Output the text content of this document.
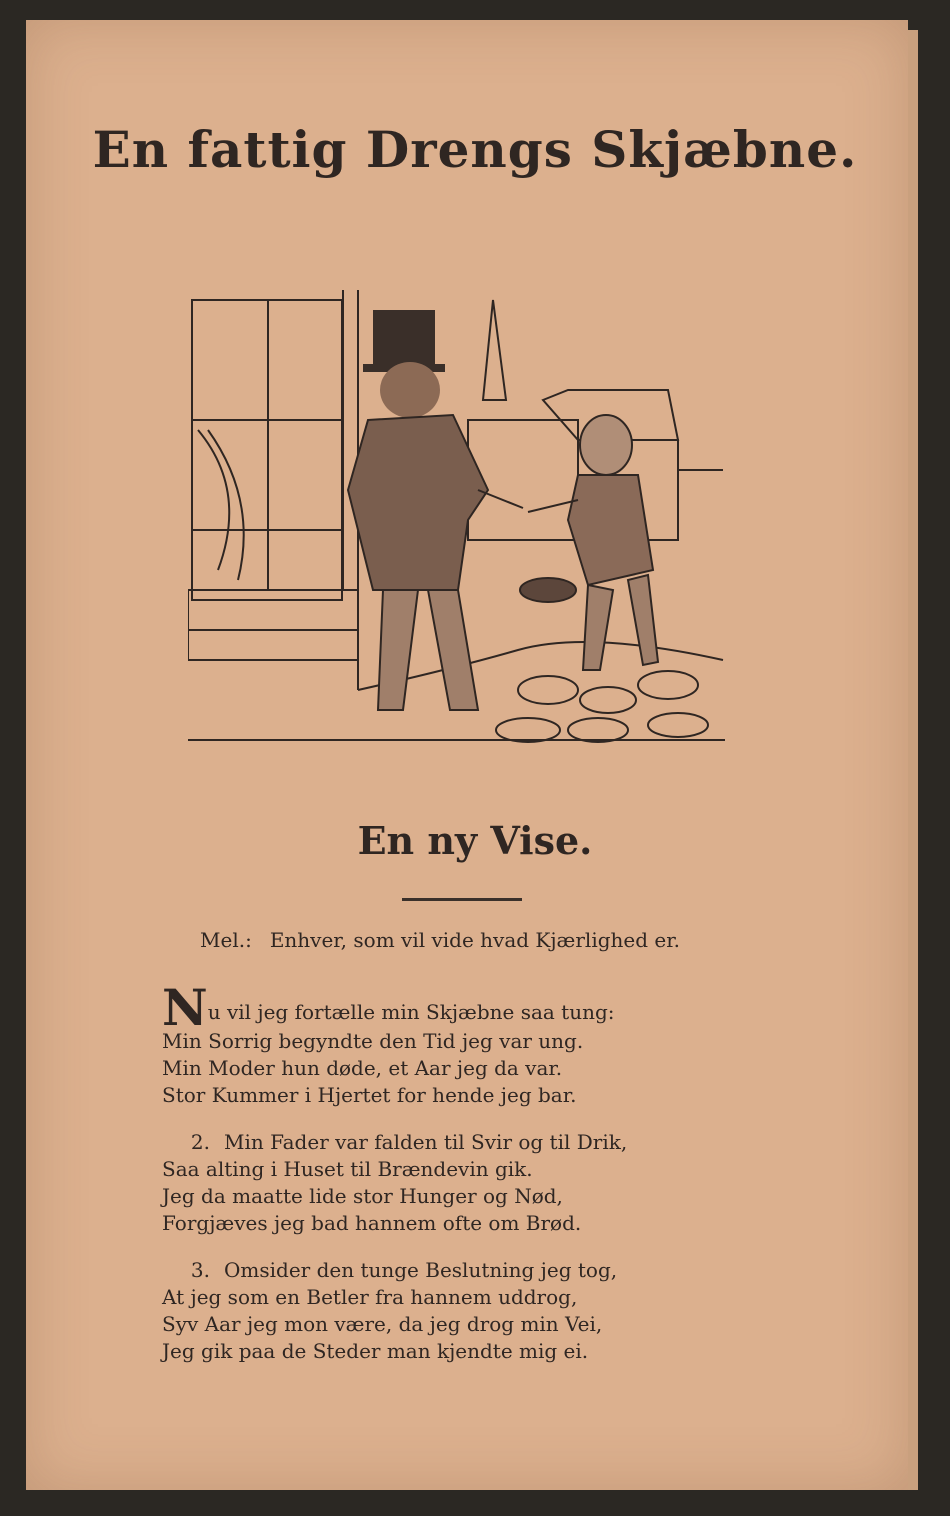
En fattig Drengs Skjæbne.
En ny Vise.
Mel.: Enhver, som vil vide hvad Kjærlighed er.
Nu vil jeg fortælle min Skjæbne saa tung:
Min Sorrig begyndte den Tid jeg var ung.
Min Moder hun døde, et Aar jeg da var.
Stor Kummer i Hjertet for hende jeg bar.
2. Min Fader var falden til Svir og til Drik,
Saa alting i Huset til Brændevin gik.
Jeg da maatte lide stor Hunger og Nød,
Forgjæves jeg bad hannem ofte om Brød.
3. Omsider den tunge Beslutning jeg tog,
At jeg som en Betler fra hannem uddrog,
Syv Aar jeg mon være, da jeg drog min Vei,
Jeg gik paa de Steder man kjendte mig ei.
